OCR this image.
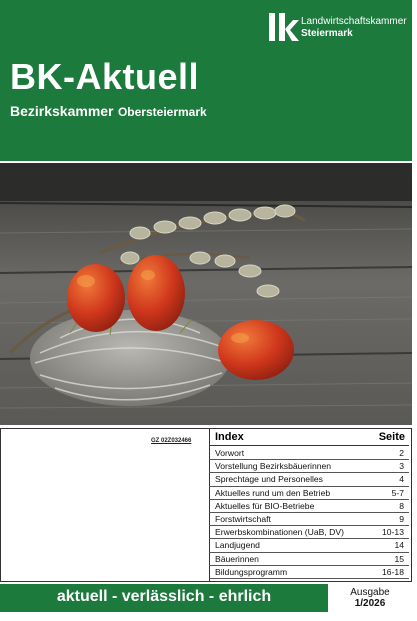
Landwirtschaftskammer
Steiermark
BK-Aktuell
Bezirkskammer Obersteiermark
GZ 02Z032466 Index	Seite
Vorwort	2
Vorstellung Bezirksbäuerinnen	3
Sprechtage und Personelles	4
Aktuelles rund um den Betrieb	5-7
Aktuelles für BIO-Betriebe	8
Forstwirtschaft	9
Erwerbskombinationen (UaB, DV)	10-13
Landjugend	14
Bäuerinnen	15
Bildungsprogramm	16-18
aktuell - verlässlich - ehrlich	Ausgabe
1/2026
